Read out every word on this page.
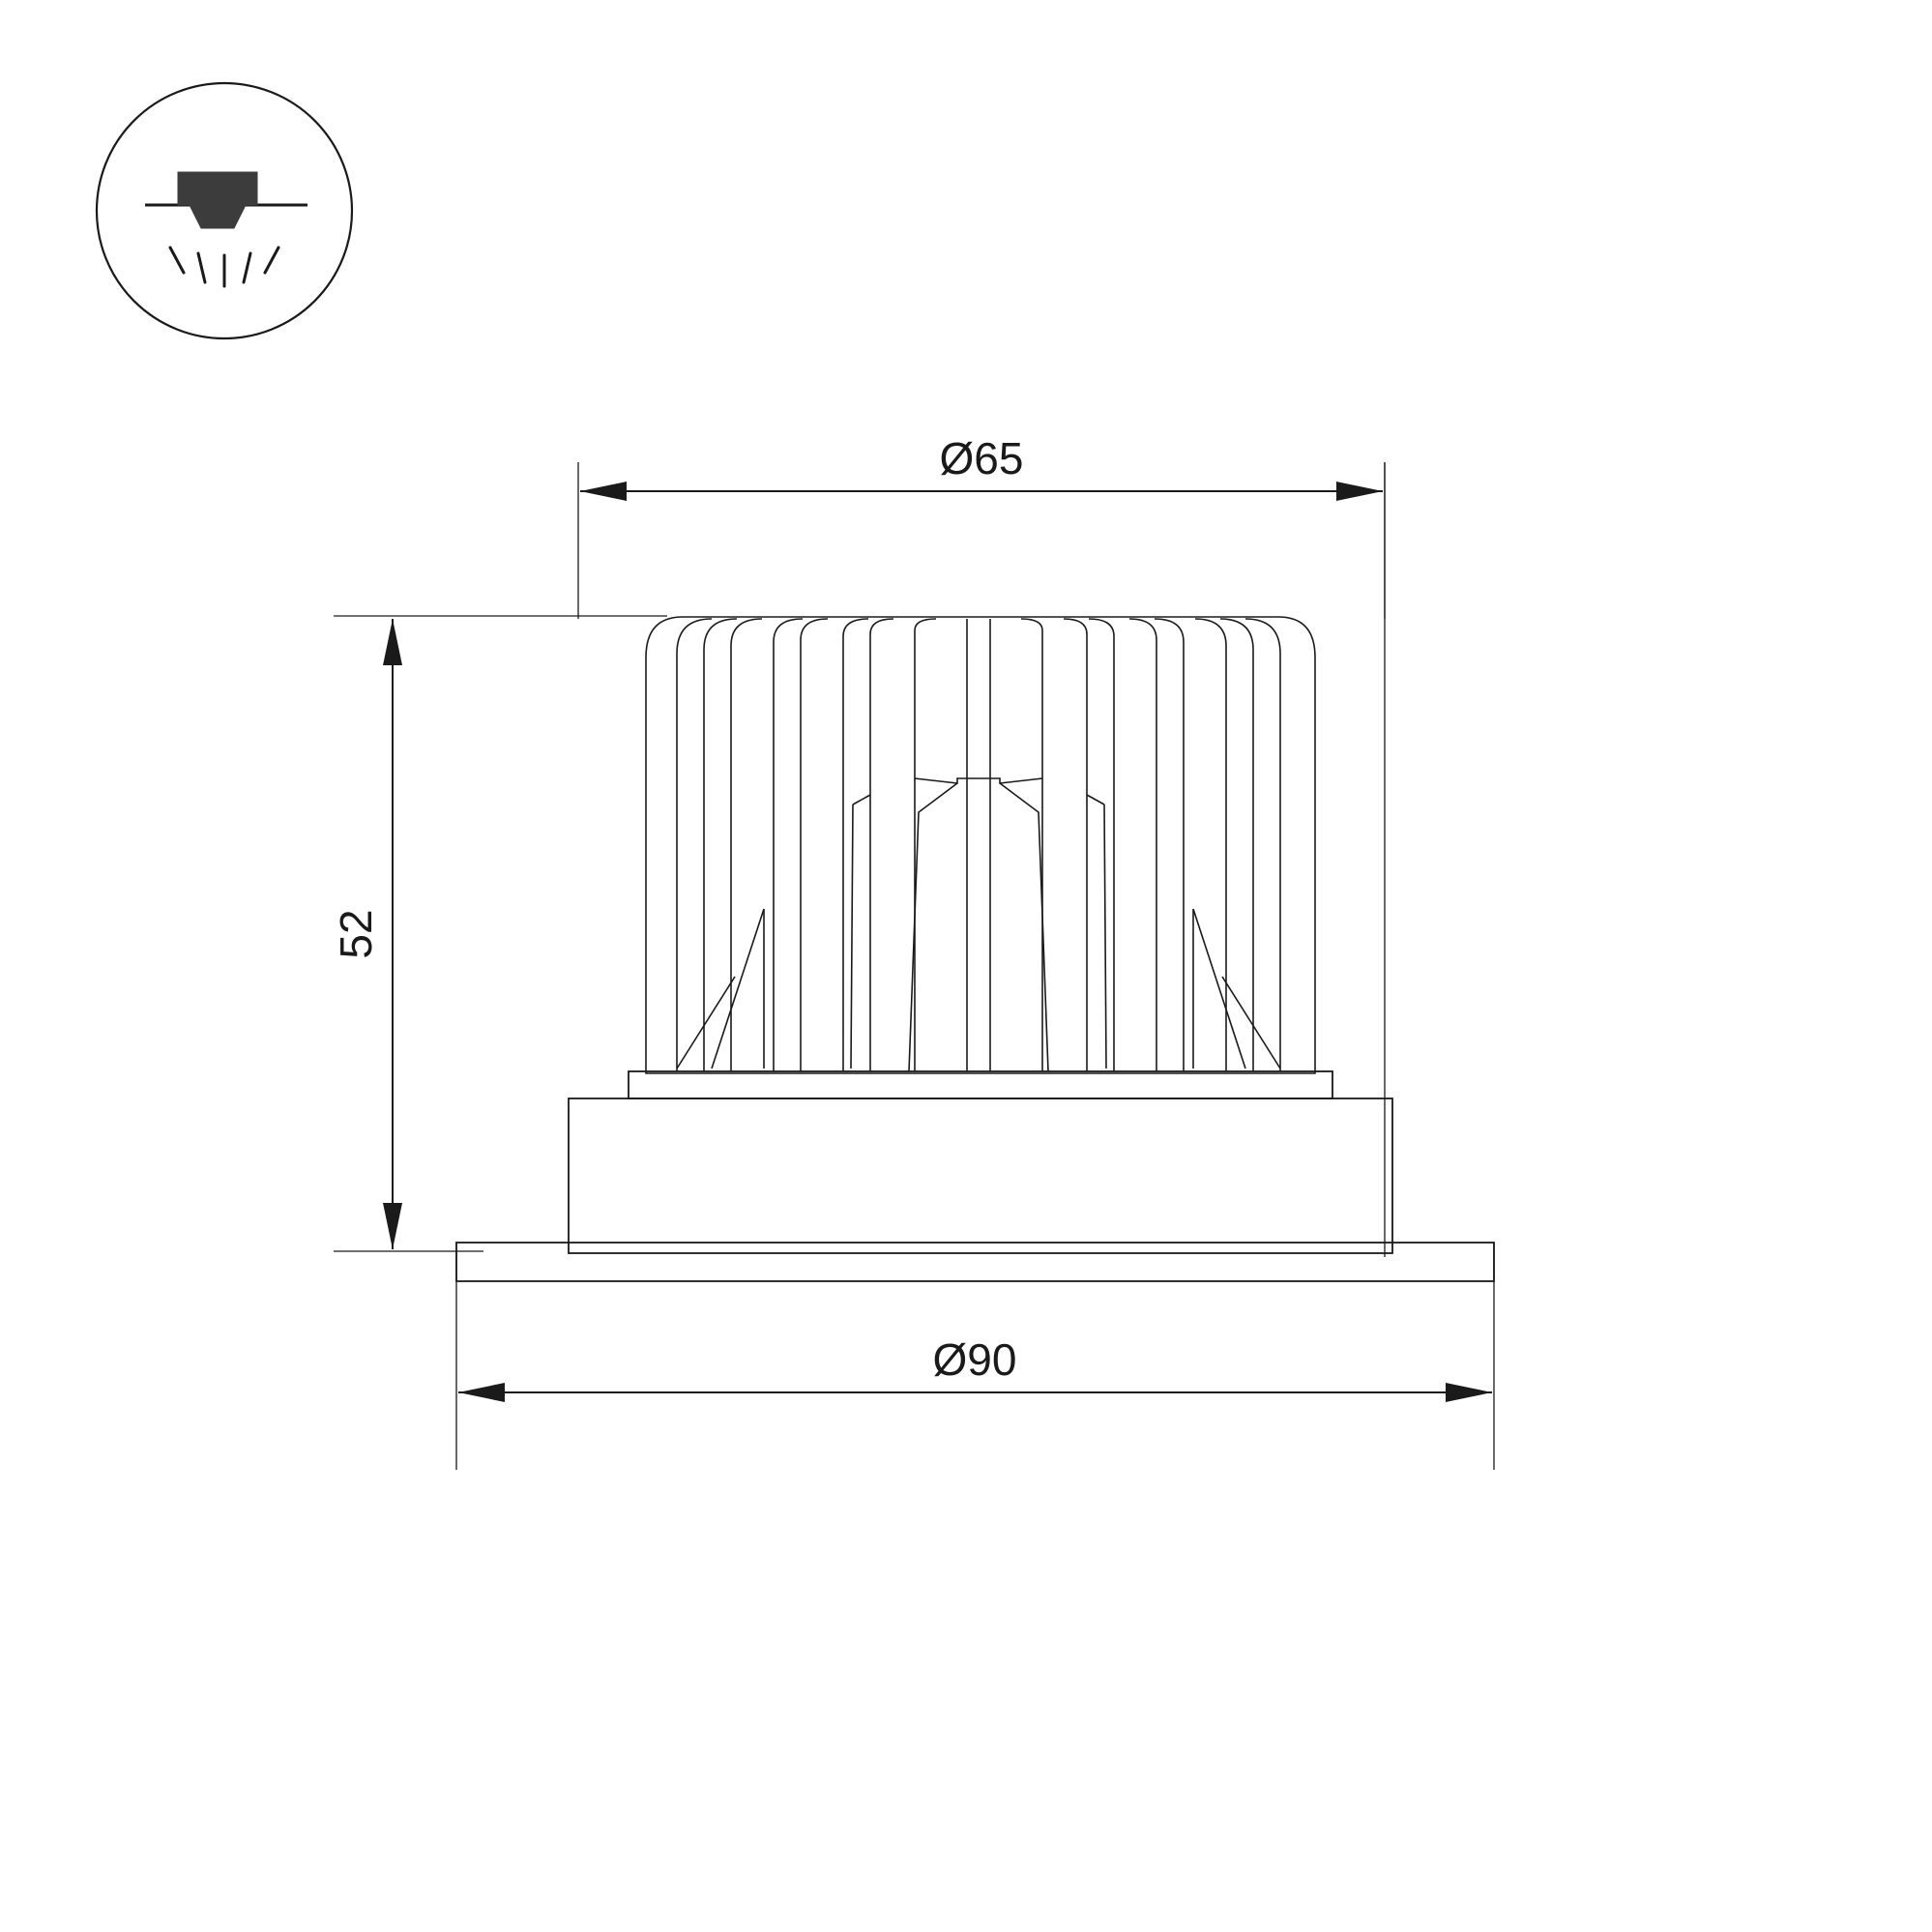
Ø65
52
Ø90
